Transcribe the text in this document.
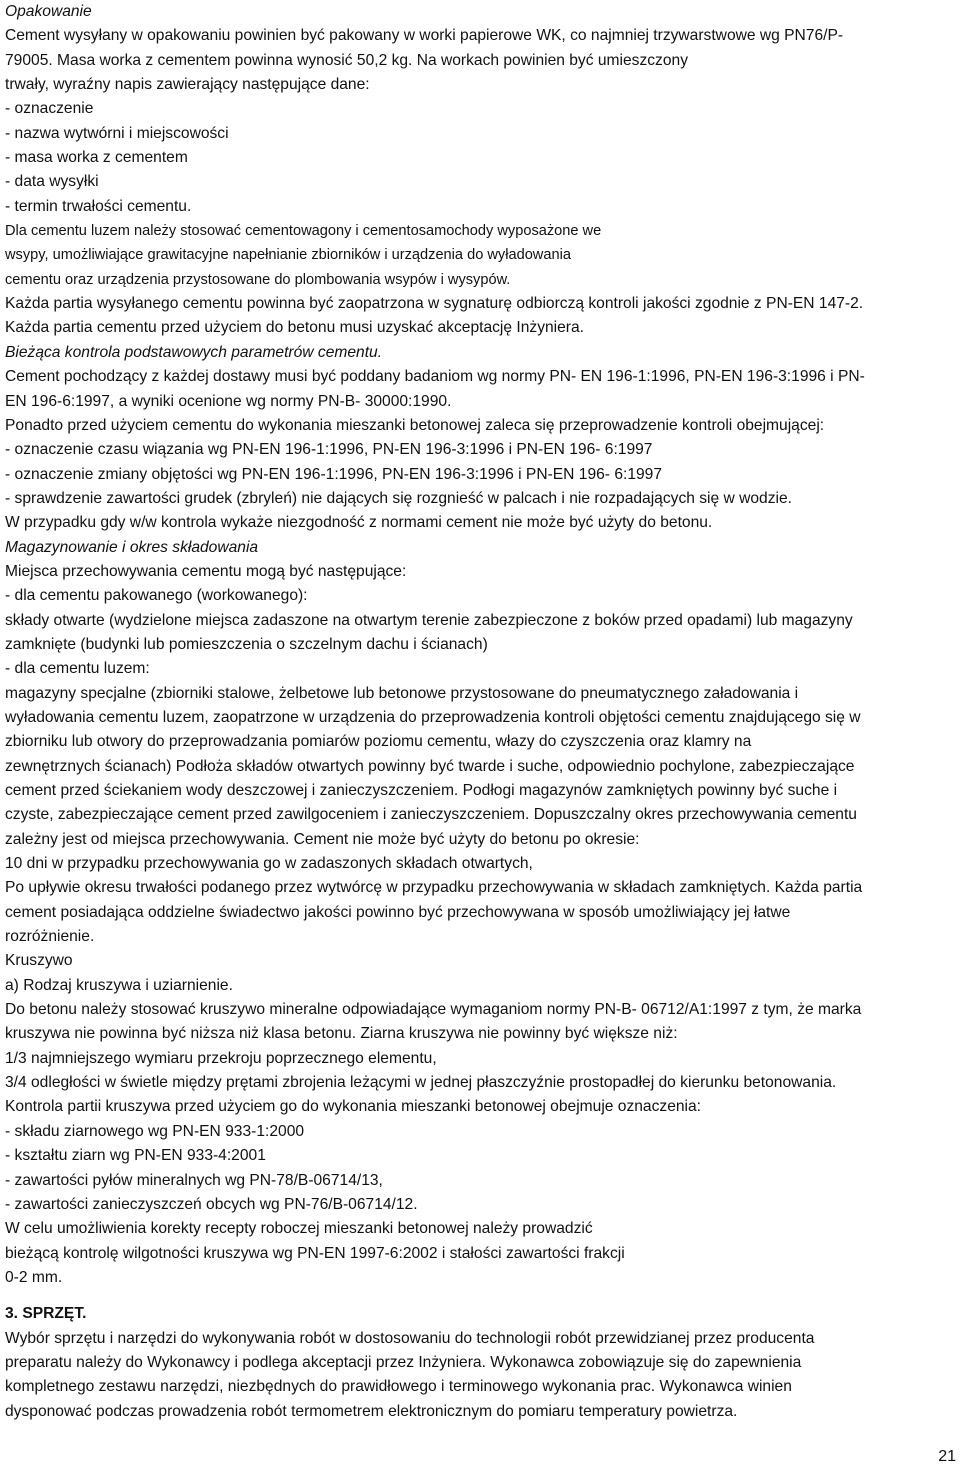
Opakowanie
Cement wysyłany w opakowaniu powinien być pakowany w worki papierowe WK, co najmniej trzywarstwowe wg PN76/P-
79005. Masa worka z cementem powinna wynosić 50,2 kg. Na workach powinien być umieszczony
trwały, wyraźny napis zawierający następujące dane:
- oznaczenie
- nazwa wytwórni i miejscowości
- masa worka z cementem
- data wysyłki
- termin trwałości cementu.
Dla cementu luzem należy stosować cementowagony i cementosamochody wyposażone we
wsypy, umożliwiające grawitacyjne napełnianie zbiorników i urządzenia do wyładowania
cementu oraz urządzenia przystosowane do plombowania wsypów i wysypów.
Każda partia wysyłanego cementu powinna być zaopatrzona w sygnaturę odbiorczą kontroli jakości zgodnie z PN-EN 147-2.
Każda partia cementu przed użyciem do betonu musi uzyskać akceptację Inżyniera.
Bieżąca kontrola podstawowych parametrów cementu.
Cement pochodzący z każdej dostawy musi być poddany badaniom wg normy PN- EN 196-1:1996, PN-EN 196-3:1996 i PN-
EN 196-6:1997, a wyniki ocenione wg normy PN-B- 30000:1990.
Ponadto przed użyciem cementu do wykonania mieszanki betonowej zaleca się przeprowadzenie kontroli obejmującej:
- oznaczenie czasu wiązania wg PN-EN 196-1:1996, PN-EN 196-3:1996 i PN-EN 196- 6:1997
- oznaczenie zmiany objętości wg PN-EN 196-1:1996, PN-EN 196-3:1996 i PN-EN 196- 6:1997
- sprawdzenie zawartości grudek (zbryleń) nie dających się rozgnieść w palcach i nie rozpadających się w wodzie.
W przypadku gdy w/w kontrola wykaże niezgodność z normami cement nie może być użyty do betonu.
Magazynowanie i okres składowania
Miejsca przechowywania cementu mogą być następujące:
- dla cementu pakowanego (workowanego):
składy otwarte (wydzielone miejsca zadaszone na otwartym terenie zabezpieczone z boków przed opadami) lub magazyny
zamknięte (budynki lub pomieszczenia o szczelnym dachu i ścianach)
- dla cementu luzem:
magazyny specjalne (zbiorniki stalowe, żelbetowe lub betonowe przystosowane do pneumatycznego załadowania i
wyładowania cementu luzem, zaopatrzone w urządzenia do przeprowadzenia kontroli objętości cementu znajdującego się w
zbiorniku lub otwory do przeprowadzania pomiarów poziomu cementu, włazy do czyszczenia oraz klamry na
zewnętrznych ścianach) Podłoża składów otwartych powinny być twarde i suche, odpowiednio pochylone, zabezpieczające
cement przed ściekaniem wody deszczowej i zanieczyszczeniem. Podłogi magazynów zamkniętych powinny być suche i
czyste, zabezpieczające cement przed zawilgoceniem i zanieczyszczeniem. Dopuszczalny okres przechowywania cementu
zależny jest od miejsca przechowywania. Cement nie może być użyty do betonu po okresie:
10 dni w przypadku przechowywania go w zadaszonych składach otwartych,
Po upływie okresu trwałości podanego przez wytwórcę w przypadku przechowywania w składach zamkniętych. Każda partia
cement posiadająca oddzielne świadectwo jakości powinno być przechowywana w sposób umożliwiający jej łatwe
rozróżnienie.
Kruszywo
a) Rodzaj kruszywa i uziarnienie.
Do betonu należy stosować kruszywo mineralne odpowiadające wymaganiom normy PN-B- 06712/A1:1997 z tym, że marka
kruszywa nie powinna być niższa niż klasa betonu. Ziarna kruszywa nie powinny być większe niż:
1/3 najmniejszego wymiaru przekroju poprzecznego elementu,
3/4 odległości w świetle między prętami zbrojenia leżącymi w jednej płaszczyźnie prostopadłej do kierunku betonowania.
Kontrola partii kruszywa przed użyciem go do wykonania mieszanki betonowej obejmuje oznaczenia:
- składu ziarnowego wg PN-EN 933-1:2000
- kształtu ziarn wg PN-EN 933-4:2001
- zawartości pyłów mineralnych wg PN-78/B-06714/13,
- zawartości zanieczyszczeń obcych wg PN-76/B-06714/12.
W celu umożliwienia korekty recepty roboczej mieszanki betonowej należy prowadzić
bieżącą kontrolę wilgotności kruszywa wg PN-EN 1997-6:2002 i stałości zawartości frakcji
0-2 mm.
3. SPRZĘT.
Wybór sprzętu i narzędzi do wykonywania robót w dostosowaniu do technologii robót przewidzianej przez producenta
preparatu należy do Wykonawcy i podlega akceptacji przez Inżyniera. Wykonawca zobowiązuje się do zapewnienia
kompletnego zestawu narzędzi, niezbędnych do prawidłowego i terminowego wykonania prac. Wykonawca winien
dysponować podczas prowadzenia robót termometrem elektronicznym do pomiaru temperatury powietrza.
21
